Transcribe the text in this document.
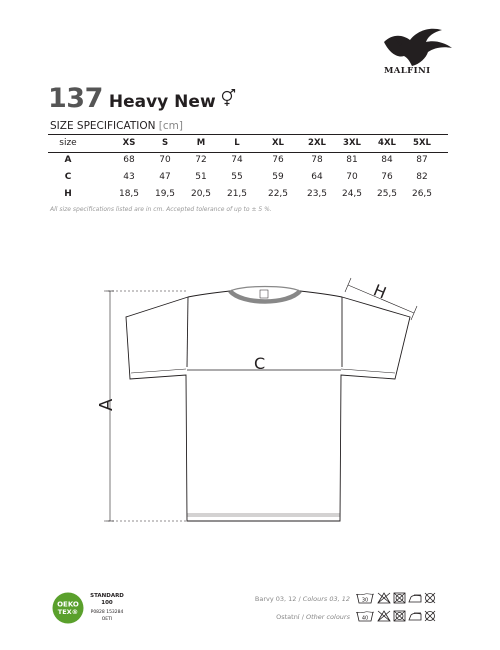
MALFINI
137 Heavy New
SIZE SPECIFICATION [cm]
size	XS	S	M	L	XL	2XL	3XL	4XL	5XL
A	68	70	72	74	76	78	81	84	87
C	43	47	51	55	59	64	70	76	82
H	18,5	19,5	20,5	21,5	22,5	23,5	24,5	25,5	26,5
All size specifications listed are in cm. Accepted tolerance of up to ± 5 %.
A
C
H
OEKO
TEX®
STANDARD
100
P0828 153284
OETI
Barvy 03, 12 / Colours 03, 12 30
Ostatní / Other colours 40
